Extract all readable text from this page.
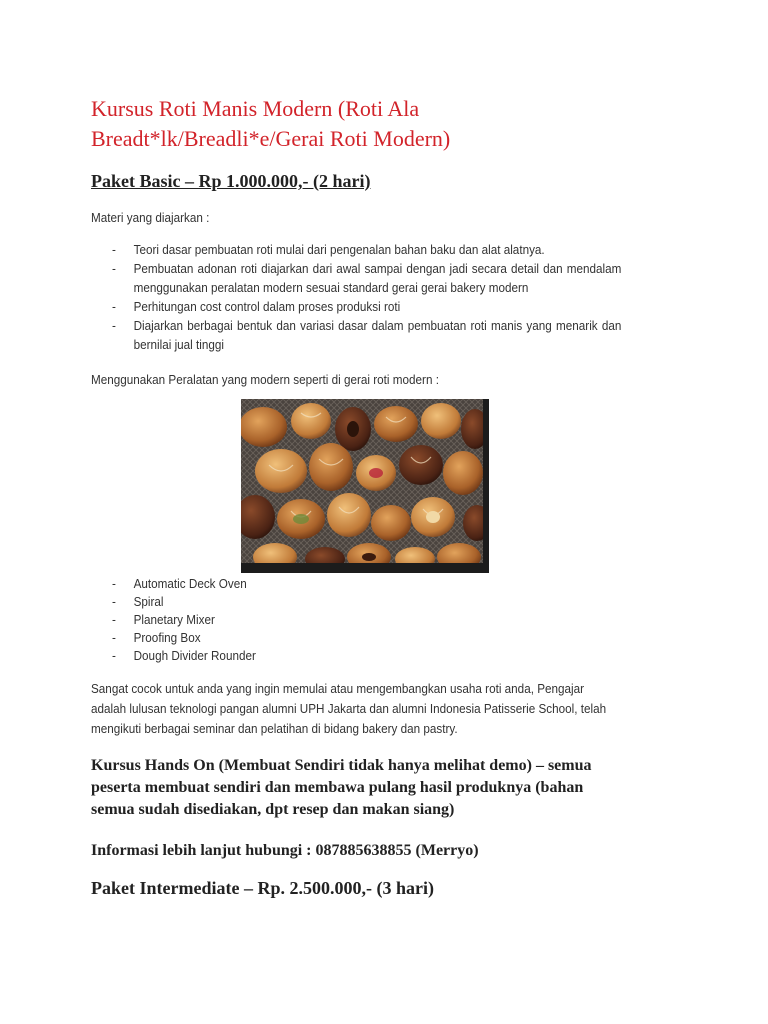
Kursus Roti Manis Modern (Roti Ala
Breadt*lk/Breadli*e/Gerai Roti Modern)
Paket Basic – Rp 1.000.000,- (2 hari)

Materi yang diajarkan :

- Teori dasar pembuatan roti mulai dari pengenalan bahan baku dan alat alatnya.
- Pembuatan adonan roti diajarkan dari awal sampai dengan jadi secara detail dan mendalam menggunakan peralatan modern sesuai standard gerai gerai bakery modern
- Perhitungan cost control dalam proses produksi roti
- Diajarkan berbagai bentuk dan variasi dasar dalam pembuatan roti manis yang menarik dan bernilai jual tinggi

Menggunakan Peralatan yang modern seperti di gerai roti modern :

- Automatic Deck Oven
- Spiral
- Planetary Mixer
- Proofing Box
- Dough Divider Rounder

Sangat cocok untuk anda yang ingin memulai atau mengembangkan usaha roti anda, Pengajar adalah lulusan teknologi pangan alumni UPH Jakarta dan alumni Indonesia Patisserie School, telah mengikuti berbagai seminar dan pelatihan di bidang bakery dan pastry.

Kursus Hands On (Membuat Sendiri tidak hanya melihat demo) – semua
peserta membuat sendiri dan membawa pulang hasil produknya (bahan
semua sudah disediakan, dpt resep dan makan siang)
Informasi lebih lanjut hubungi : 087885638855 (Merryo)
Paket Intermediate – Rp. 2.500.000,- (3 hari)
